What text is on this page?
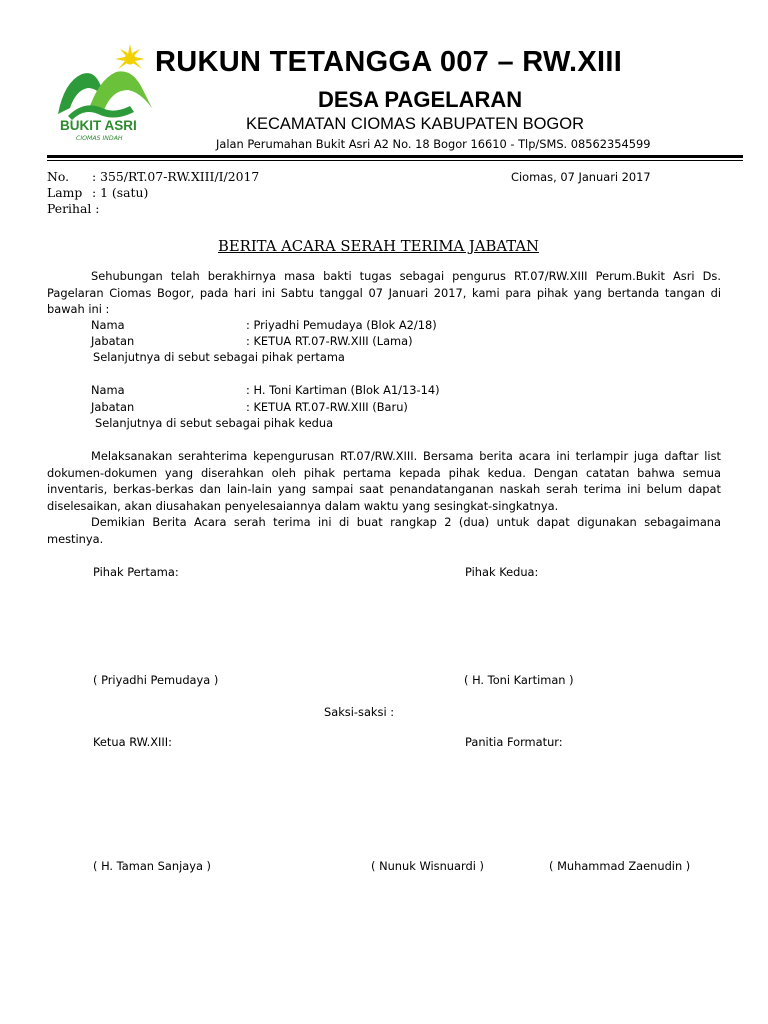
BUKIT ASRI
CIOMAS INDAH
RUKUN TETANGGA 007 – RW.XIII
DESA PAGELARAN
KECAMATAN CIOMAS KABUPATEN BOGOR
Jalan Perumahan Bukit Asri A2 No. 18 Bogor 16610 - Tlp/SMS. 08562354599
No. : 355/RT.07-RW.XIII/I/2017
Lamp : 1 (satu)
Perihal :
Ciomas, 07 Januari 2017
BERITA ACARA SERAH TERIMA JABATAN
Sehubungan telah berakhirnya masa bakti tugas sebagai pengurus RT.07/RW.XIII Perum.Bukit Asri Ds. Pagelaran Ciomas Bogor, pada hari ini Sabtu tanggal 07 Januari 2017, kami para pihak yang bertanda tangan di bawah ini :
Nama	: Priyadhi Pemudaya (Blok A2/18)
Jabatan	: KETUA RT.07-RW.XIII (Lama)
Selanjutnya di sebut sebagai pihak pertama
Nama	: H. Toni Kartiman (Blok A1/13-14)
Jabatan	: KETUA RT.07-RW.XIII (Baru)
Selanjutnya di sebut sebagai pihak kedua
Melaksanakan serahterima kepengurusan RT.07/RW.XIII. Bersama berita acara ini terlampir juga daftar list dokumen-dokumen yang diserahkan oleh pihak pertama kepada pihak kedua. Dengan catatan bahwa semua inventaris, berkas-berkas dan lain-lain yang sampai saat penandatanganan naskah serah terima ini belum dapat diselesaikan, akan diusahakan penyelesaiannya dalam waktu yang sesingkat-singkatnya.
Demikian Berita Acara serah terima ini di buat rangkap 2 (dua) untuk dapat digunakan sebagaimana mestinya.
Pihak Pertama:	Pihak Kedua:
( Priyadhi Pemudaya )	( H. Toni Kartiman )
Saksi-saksi :
Ketua RW.XIII:	Panitia Formatur:
( H. Taman Sanjaya )	( Nunuk Wisnuardi )	( Muhammad Zaenudin )
